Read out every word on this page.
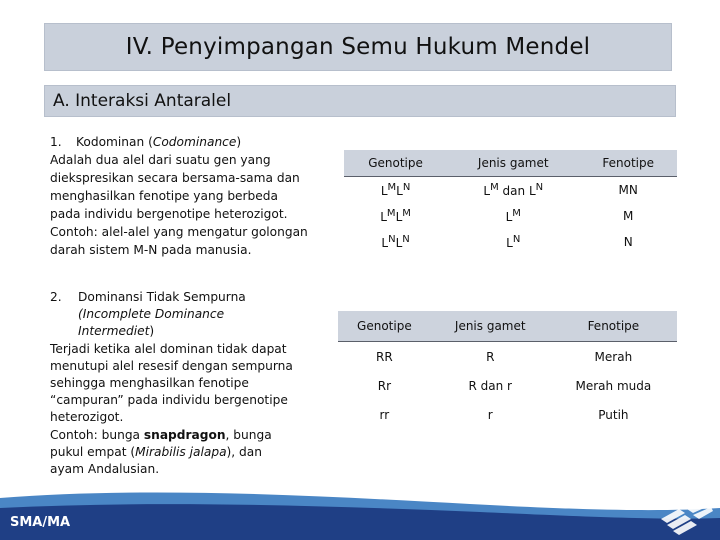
IV. Penyimpangan Semu Hukum Mendel
A. Interaksi Antaralel
1.	Kodominan (Codominance)
Adalah dua alel dari suatu gen yang
diekspresikan secara bersama-sama dan
menghasilkan fenotipe yang berbeda
pada individu bergenotipe heterozigot.
Contoh: alel-alel yang mengatur golongan
darah sistem M-N pada manusia.
Genotipe	Jenis gamet	Fenotipe
$L^ML^N$	$L^M$ dan $L^N$	MN
$L^ML^M$	$L^M$	M
$L^NL^N$	$L^N$	N
2.	Dominansi Tidak Sempurna
(Incomplete Dominance
Intermediet)
Terjadi ketika alel dominan tidak dapat
menutupi alel resesif dengan sempurna
sehingga menghasilkan fenotipe
“campuran” pada individu bergenotipe
heterozigot.
Contoh: bunga snapdragon, bunga
pukul empat (Mirabilis jalapa), dan
ayam Andalusian.
Genotipe	Jenis gamet	Fenotipe
RR	R	Merah
Rr	R dan r	Merah muda
rr	r	Putih
SMA/MA
